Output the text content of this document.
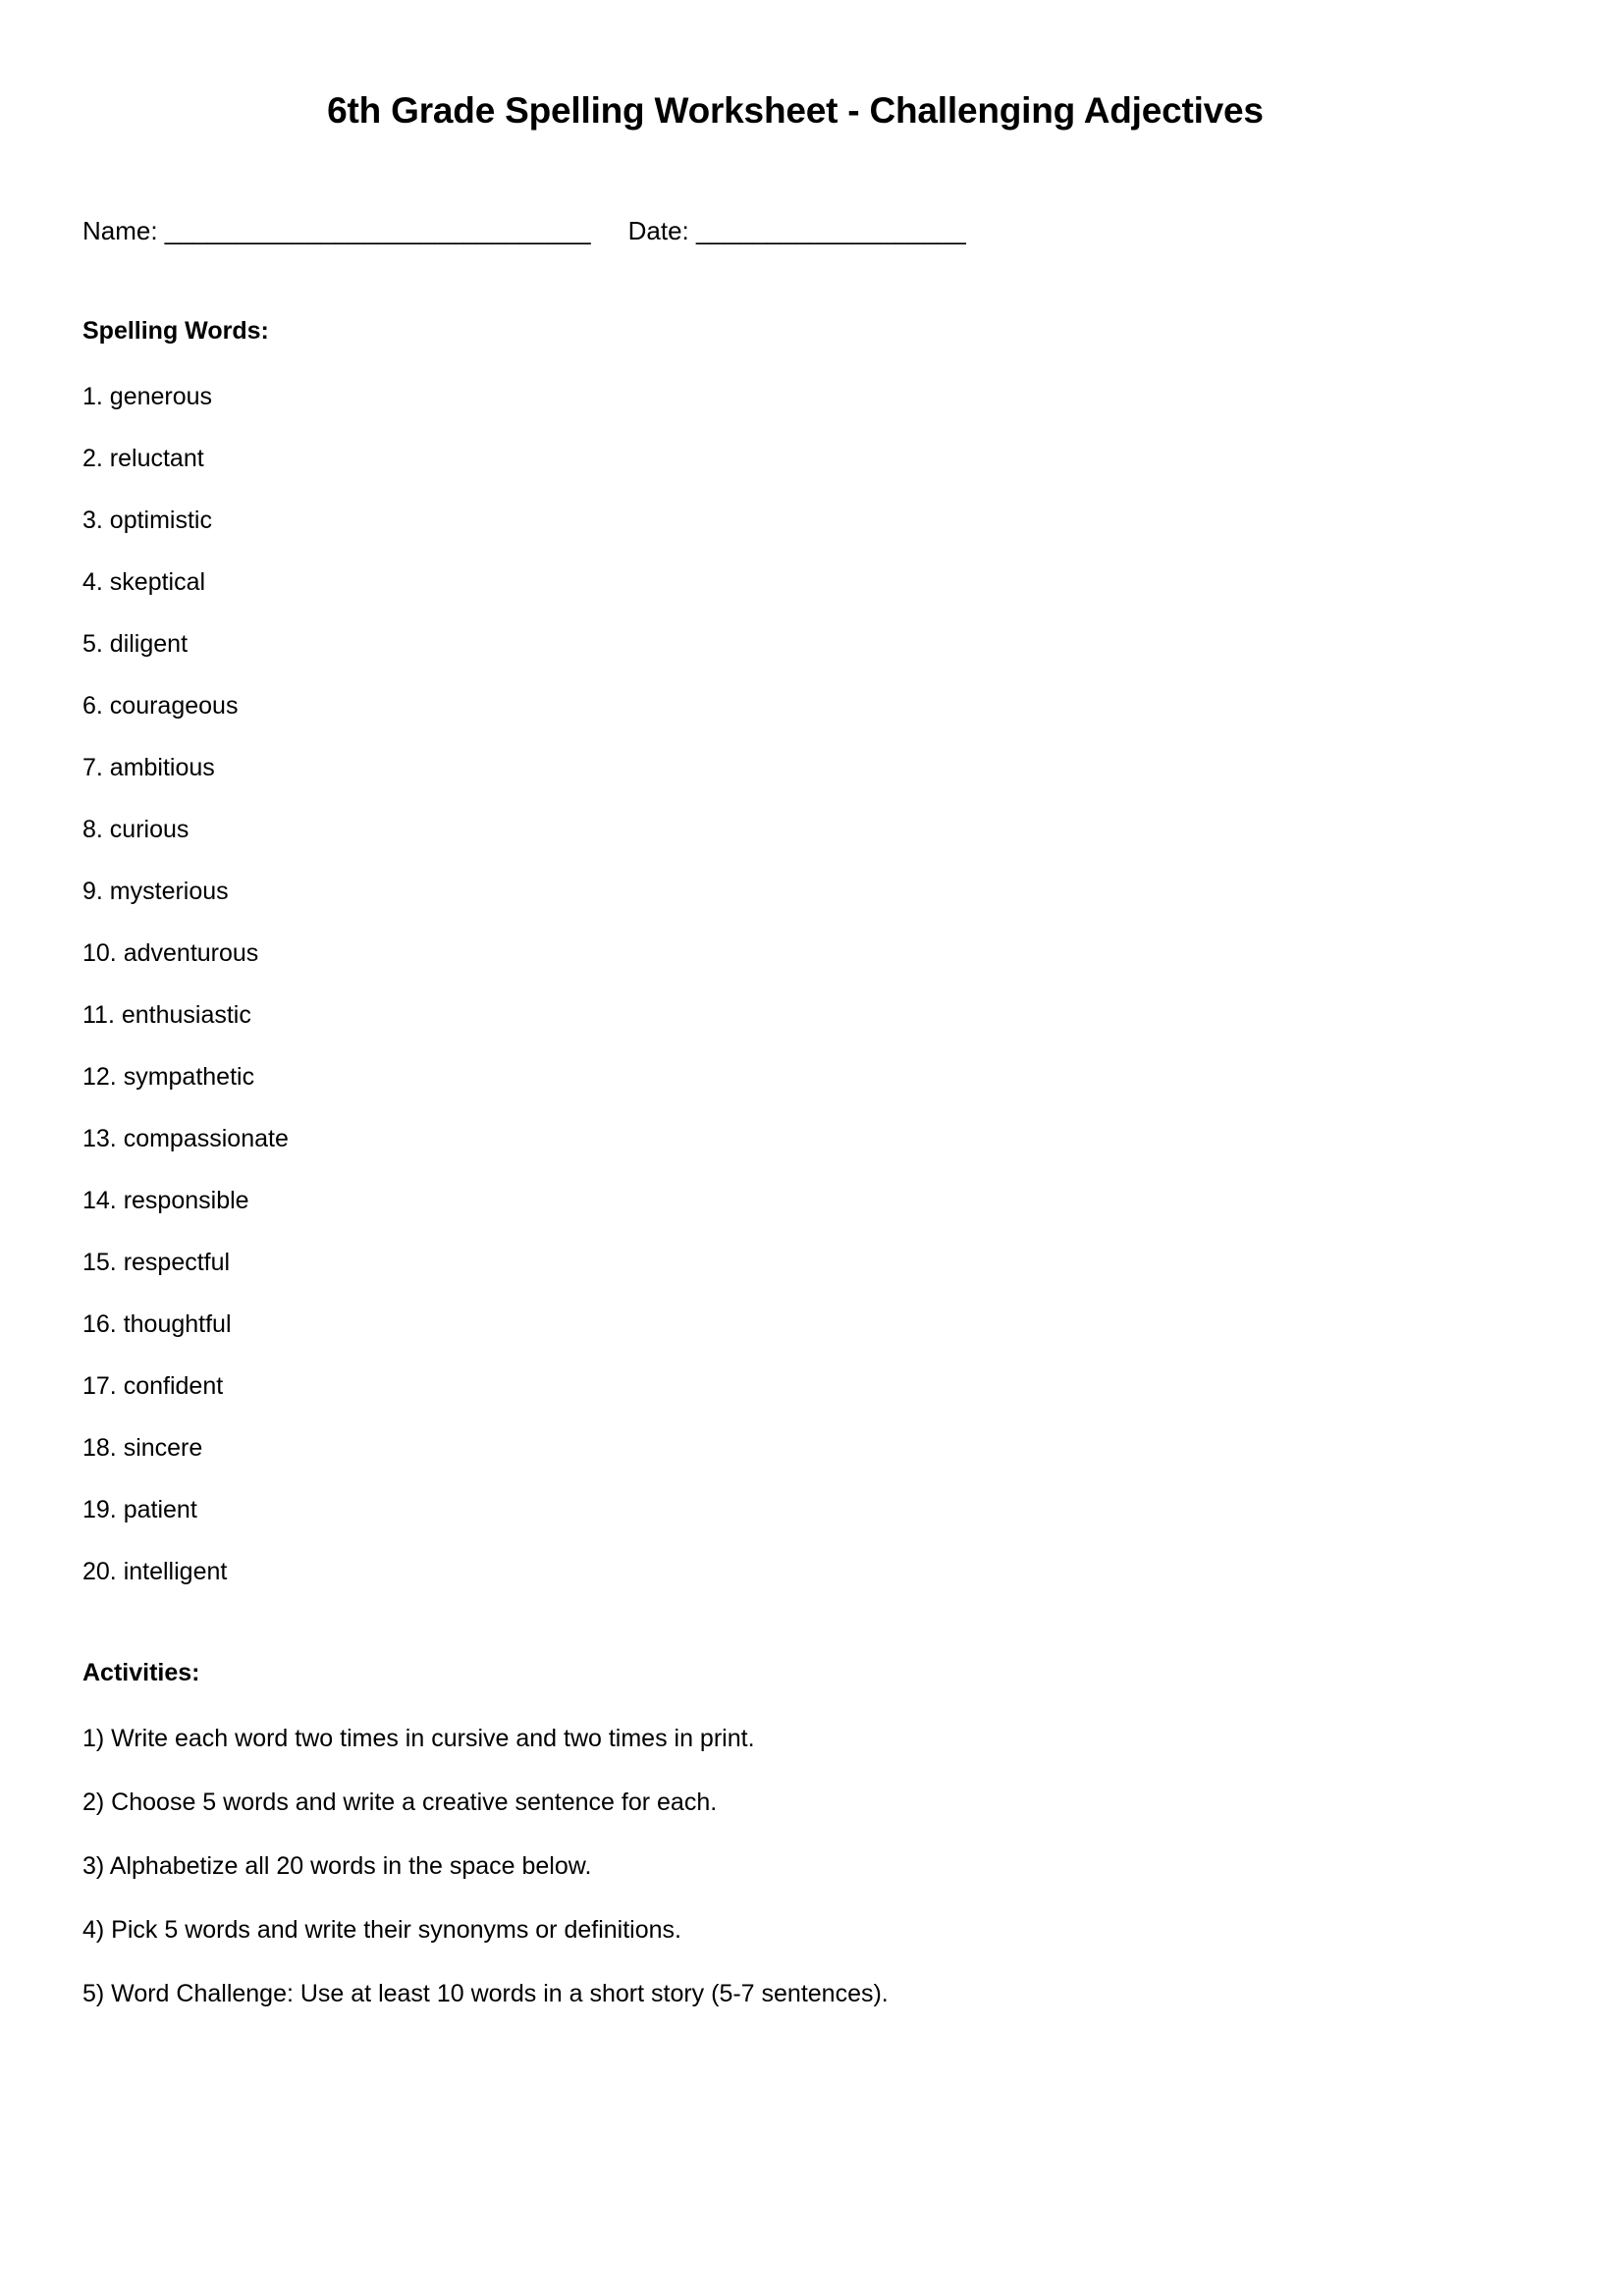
6th Grade Spelling Worksheet - Challenging Adjectives
Name: ______________________________ Date: ___________________
Spelling Words:
1. generous
2. reluctant
3. optimistic
4. skeptical
5. diligent
6. courageous
7. ambitious
8. curious
9. mysterious
10. adventurous
11. enthusiastic
12. sympathetic
13. compassionate
14. responsible
15. respectful
16. thoughtful
17. confident
18. sincere
19. patient
20. intelligent
Activities:
1) Write each word two times in cursive and two times in print.
2) Choose 5 words and write a creative sentence for each.
3) Alphabetize all 20 words in the space below.
4) Pick 5 words and write their synonyms or definitions.
5) Word Challenge: Use at least 10 words in a short story (5-7 sentences).
